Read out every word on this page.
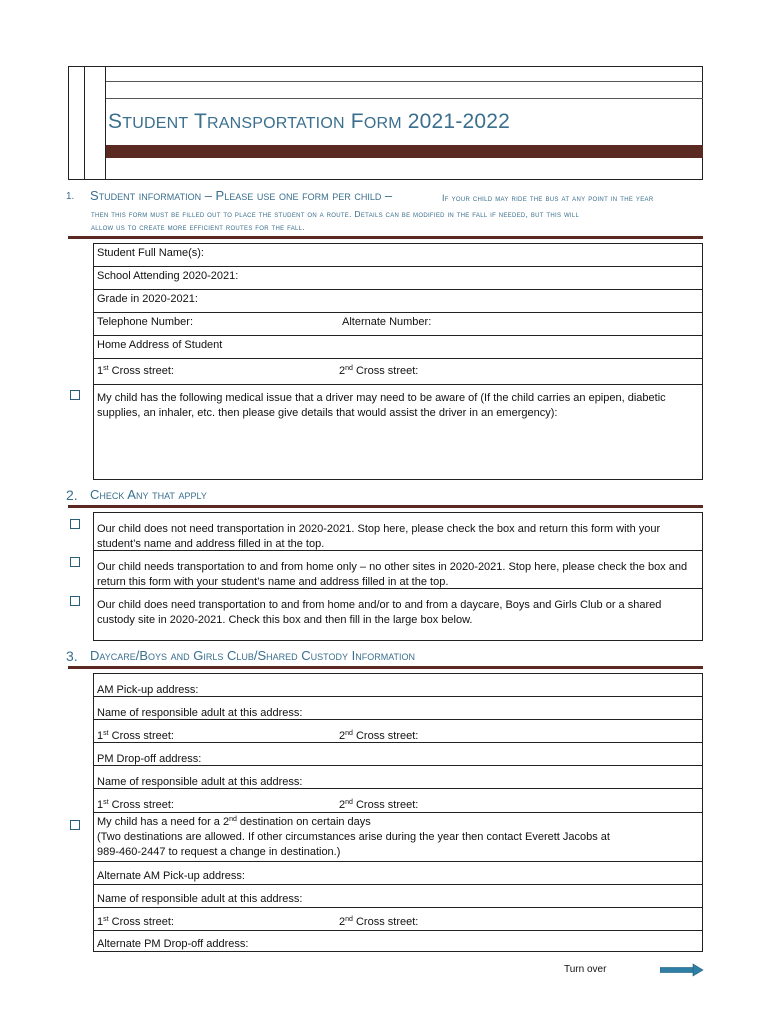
STUDENT TRANSPORTATION FORM 2021-2022
1. Student information – Please use one form per child –	If your child may ride the bus at any point in the year
then this form must be filled out to place the student on a route. Details can be modified in the fall if needed, but this will
allow us to create more efficient routes for the fall.
Student Full Name(s):
School Attending 2020-2021:
Grade in 2020-2021:
Telephone Number:	Alternate Number:
Home Address of Student
1st Cross street:	2nd Cross street:
My child has the following medical issue that a driver may need to be aware of (If the child carries an epipen, diabetic supplies, an inhaler, etc. then please give details that would assist the driver in an emergency):
2. Check Any that apply
Our child does not need transportation in 2020-2021. Stop here, please check the box and return this form with your student’s name and address filled in at the top.
Our child needs transportation to and from home only – no other sites in 2020-2021. Stop here, please check the box and return this form with your student’s name and address filled in at the top.
Our child does need transportation to and from home and/or to and from a daycare, Boys and Girls Club or a shared custody site in 2020-2021. Check this box and then fill in the large box below.
3. Daycare/Boys and Girls Club/Shared Custody Information
AM Pick-up address:
Name of responsible adult at this address:
1st Cross street:	2nd Cross street:
PM Drop-off address:
Name of responsible adult at this address:
1st Cross street:	2nd Cross street:
My child has a need for a 2nd destination on certain days
(Two destinations are allowed. If other circumstances arise during the year then contact Everett Jacobs at
989-460-2447 to request a change in destination.)
Alternate AM Pick-up address:
Name of responsible adult at this address:
1st Cross street:	2nd Cross street:
Alternate PM Drop-off address:
Turn over
